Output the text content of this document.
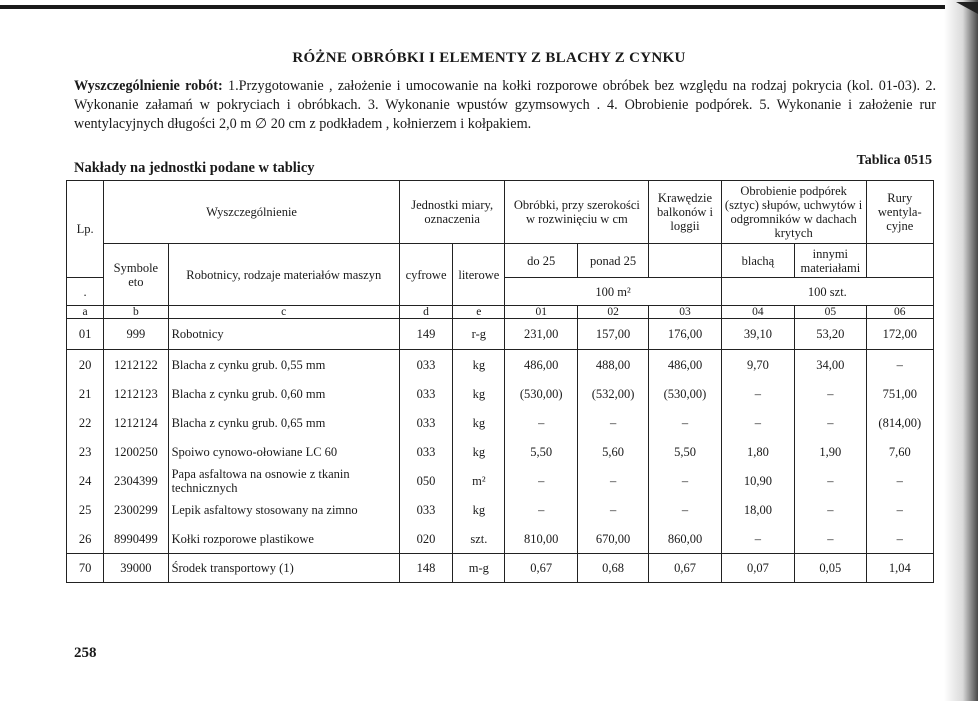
RÓŻNE OBRÓBKI I ELEMENTY Z BLACHY Z CYNKU
Wyszczególnienie robót: 1.Przygotowanie , założenie i umocowanie na kołki rozporowe obróbek bez względu na rodzaj pokrycia (kol. 01-03). 2. Wykonanie załamań w pokryciach i obróbkach. 3. Wykonanie wpustów gzymsowych . 4. Obrobienie podpórek. 5. Wykonanie i założenie rur wentylacyjnych długości 2,0 m ∅ 20 cm z podkładem , kołnierzem i kołpakiem.
Nakłady na jednostki podane w tablicy	Tablica 0515
Lp.	Wyszczególnienie		Jednostki miary, oznaczenia		Obróbki, przy szerokości w rozwinięciu w cm		Krawędzie balkonów i loggii	Obrobienie podpórek (sztyc) słupów, uchwytów i odgromników w dachach krytych		Rury wentyla-cyjne
	Symbole eto	Robotnicy, rodzaje materiałów maszyn	cyfrowe	literowe	do 25	ponad 25		blachą	innymi materiałami	
.					100 m²			100 szt.		
a	b	c	d	e	01	02	03	04	05	06
01	999	Robotnicy	149	r-g	231,00	157,00	176,00	39,10	53,20	172,00
20	1212122	Blacha z cynku grub. 0,55 mm	033	kg	486,00	488,00	486,00	9,70	34,00	–
21	1212123	Blacha z cynku grub. 0,60 mm	033	kg	(530,00)	(532,00)	(530,00)	–	–	751,00
22	1212124	Blacha z cynku grub. 0,65 mm	033	kg	–	–	–	–	–	(814,00)
23	1200250	Spoiwo cynowo-ołowiane LC 60	033	kg	5,50	5,60	5,50	1,80	1,90	7,60
24	2304399	Papa asfaltowa na osnowie z tkanin technicznych	050	m²	–	–	–	10,90	–	–
25	2300299	Lepik asfaltowy stosowany na zimno	033	kg	–	–	–	18,00	–	–
26	8990499	Kołki rozporowe plastikowe	020	szt.	810,00	670,00	860,00	–	–	–
70	39000	Środek transportowy (1)	148	m-g	0,67	0,68	0,67	0,07	0,05	1,04
258
